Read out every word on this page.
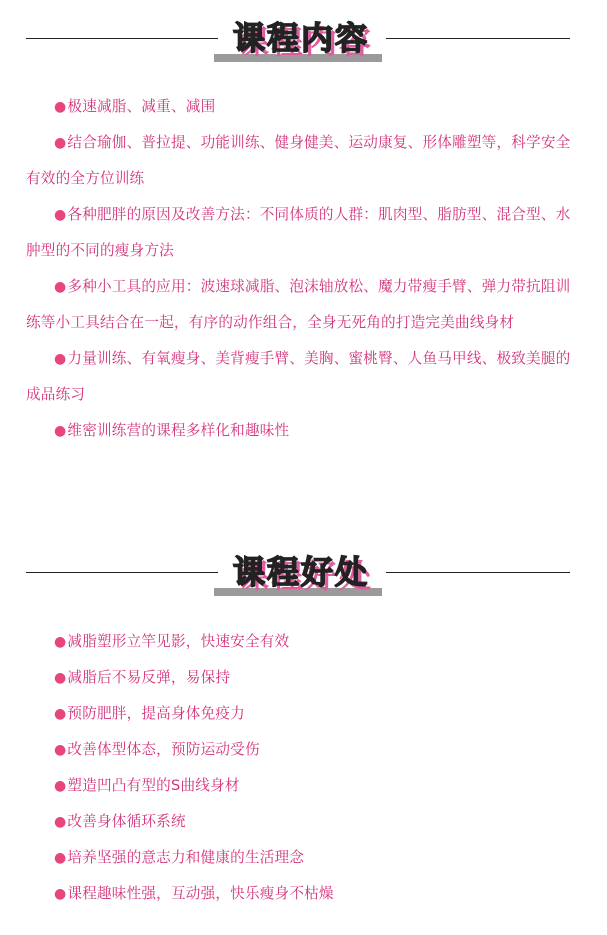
课程内容

●极速减脂、减重、减围

●结合瑜伽、普拉提、功能训练、健身健美、运动康复、形体雕塑等，科学安全有效的全方位训练

●各种肥胖的原因及改善方法：不同体质的人群：肌肉型、脂肪型、混合型、水肿型的不同的瘦身方法

●多种小工具的应用：波速球减脂、泡沫轴放松、魔力带瘦手臂、弹力带抗阻训练等小工具结合在一起，有序的动作组合，全身无死角的打造完美曲线身材

●力量训练、有氧瘦身、美背瘦手臂、美胸、蜜桃臀、人鱼马甲线、极致美腿的成品练习

●维密训练营的课程多样化和趣味性

课程好处

●减脂塑形立竿见影，快速安全有效

●减脂后不易反弹，易保持

●预防肥胖，提高身体免疫力

●改善体型体态，预防运动受伤

●塑造凹凸有型的S曲线身材

●改善身体循环系统

●培养坚强的意志力和健康的生活理念

●课程趣味性强，互动强，快乐瘦身不枯燥
